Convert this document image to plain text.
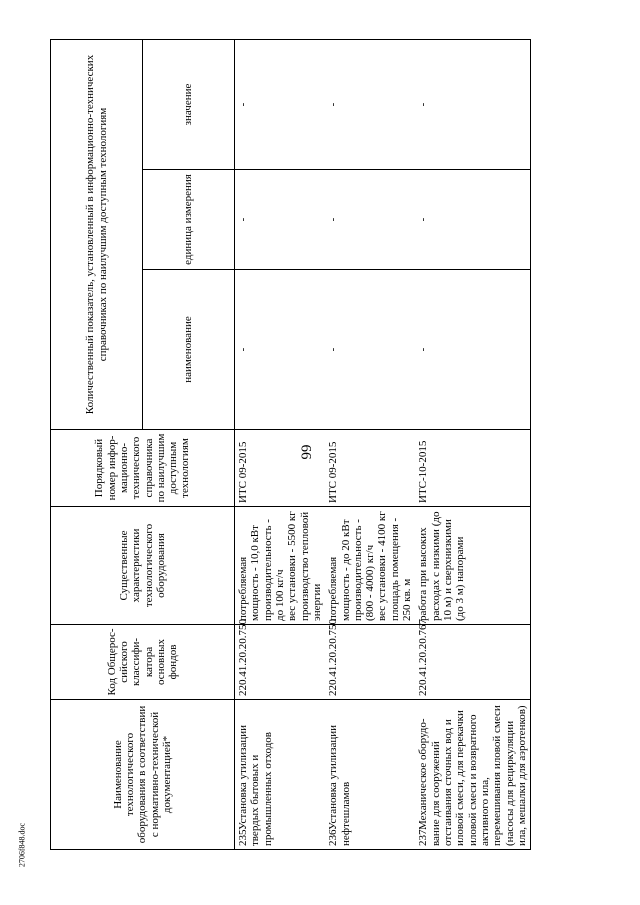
66
2706f848.doc
Наименование технологического оборудования в соответствии с нормативно-технической документацией*	Код Общерос-сийского классифи-катора основных фондов	Существенные характеристики технологического оборудования	Порядковый номер инфор-мационно-технического справочника по наилучшим доступным технологиям	Количественный показатель, установленный в информационно-технических справочниках по наилучшим доступным технологиям		
				наименование	единица измерения	значение
235.Установка утилизации твердых бытовых и промышленных отходов	220.41.20.20.750	потребляемая мощность - 10,0 кВт
производительность - до 100 кг/ч
вес установки - 5500 кг
производство тепловой энергии	ИТС 09-2015	-	-	-
236.Установка утилизации нефтешламов	220.41.20.20.750	потребляемая мощность - до 20 кВт
производительность - (800 - 4000) кг/ч
вес установки - 4100 кг
площадь помещения - 250 кв. м	ИТС 09-2015	-	-	-
237.Механическое оборудо-вание для сооружений отстаивания сточных вод и иловой смеси, для перекачки иловой смеси и возвратного активного ила, перемешивания иловой смеси (насосы для рециркуляции ила, мешалки для аэротенков)	220.41.20.20.767	работа при высоких расходах с низкими (до 10 м) и сверхнизкими (до 3 м) напорами	ИТС-10-2015	-	-	-
